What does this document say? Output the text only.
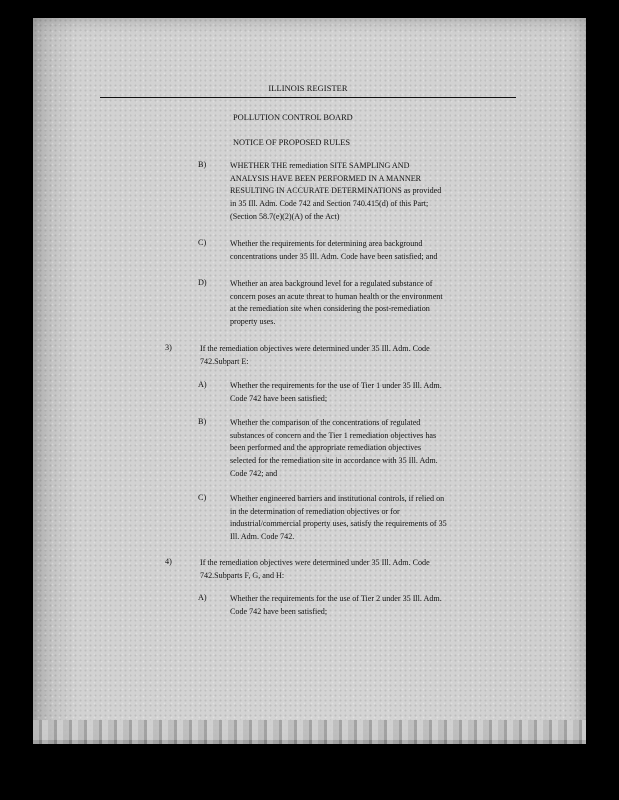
ILLINOIS REGISTER
POLLUTION CONTROL BOARD
NOTICE OF PROPOSED RULES
B)	WHETHER THE remediation SITE SAMPLING AND
ANALYSIS HAVE BEEN PERFORMED IN A MANNER
RESULTING IN ACCURATE DETERMINATIONS as provided
in 35 Ill. Adm. Code 742 and Section 740.415(d) of this Part;
(Section 58.7(e)(2)(A) of the Act)
C)	Whether the requirements for determining area background
concentrations under 35 Ill. Adm. Code have been satisfied; and
D)	Whether an area background level for a regulated substance of
concern poses an acute threat to human health or the environment
at the remediation site when considering the post-remediation
property uses.
3)	If the remediation objectives were determined under 35 Ill. Adm. Code
742.Subpart E:
A)	Whether the requirements for the use of Tier 1 under 35 Ill. Adm.
Code 742 have been satisfied;
B)	Whether the comparison of the concentrations of regulated
substances of concern and the Tier 1 remediation objectives has
been performed and the appropriate remediation objectives
selected for the remediation site in accordance with 35 Ill. Adm.
Code 742; and
C)	Whether engineered barriers and institutional controls, if relied on
in the determination of remediation objectives or for
industrial/commercial property uses, satisfy the requirements of 35
Ill. Adm. Code 742.
4)	If the remediation objectives were determined under 35 Ill. Adm. Code
742.Subparts F, G, and H:
A)	Whether the requirements for the use of Tier 2 under 35 Ill. Adm.
Code 742 have been satisfied;
